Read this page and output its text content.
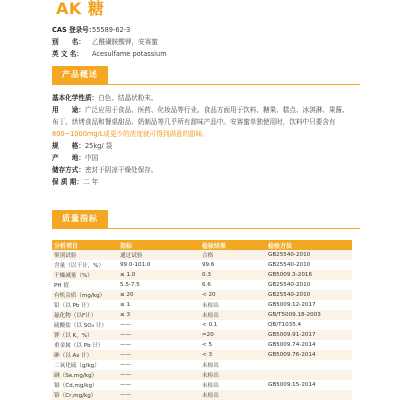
AK 糖
CAS 登录号：55589-62-3
别　　名： 乙酰磺胺酸钾，安赛蜜
英 文 名： Acesulfame potassium
产品概述

基本化学性质：白色、结晶状粉末。

用　　途：广泛应用于食品、医药、化妆品等行业。食品方面用于饮料、糖果、糕点、冰淇淋、果酱、布丁、烘烤食品和餐桌甜品、奶制品等几乎所有甜味产品中。安赛蜜单独使用时，饮料中只要含有800~1000mg/L或更少的浓度就可得到满意的甜味。

规　　格：25kg/ 袋

产　　地：中国

储存方式：密封于阴凉干燥处保存。

保 质 期：二 年

质量指标
分析项目	指标	检验结果	检验方法
鉴别试验	通过试验	合格	GB25540-2010
含量（以干计，%）	99.0-101.0	99.6	GB25540-2010
干燥减量（%）	≤ 1.0	0.3	GB5009.3-2016
PH 值	5.5-7.5	6.6	GB25540-2010
有机杂质（mg/kg）	≤ 20	< 20	GB25540-2010
铅（以 Pb 计）	≤ 1	未检出	GB5009.12-2017
氟化物（以F计）	≤ 3	未检出	GB/T5009.18-2003
硫酸盐（以 SO₄ 计）	——	< 0.1	QB/T1035.4
钾（以 K，%）	——	≈20	GB5009.91-2017
重金属（以 Pb 计）	——	< 5	GB5009.74-2014
砷（以 As 计）	——	< 3	GB5009.76-2014
二氧化硫（g/kg）	——	未检出	
硒（Se,mg/kg）	——	未检出	
镉（Cd,mg/kg）	——	未检出	GB5009.15-2014
铬（Cr,mg/kg）	——	未检出	
